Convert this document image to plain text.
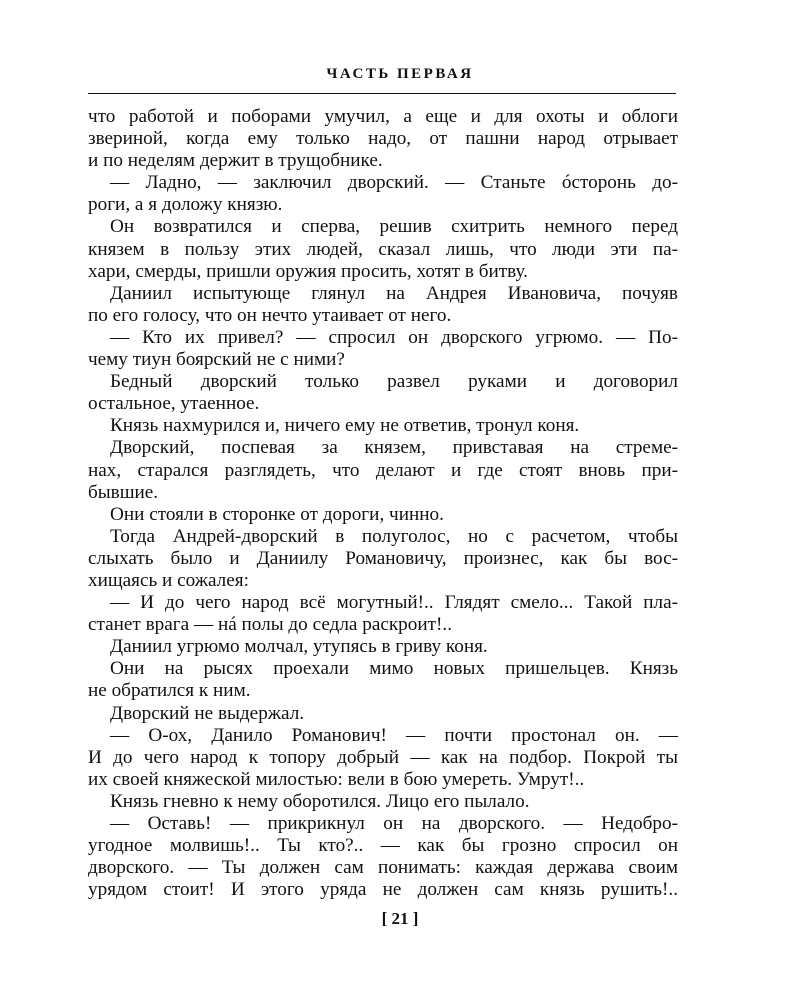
ЧАСТЬ ПЕРВАЯ
что работой и поборами умучил, а еще и для охоты и облоги
звериной, когда ему только надо, от пашни народ отрывает
и по неделям держит в трущобнике.
— Ладно, — заключил дворский. — Станьте óсторонь до-
роги, а я доложу князю.
Он возвратился и сперва, решив схитрить немного перед
князем в пользу этих людей, сказал лишь, что люди эти па-
хари, смерды, пришли оружия просить, хотят в битву.
Даниил испытующе глянул на Андрея Ивановича, почуяв
по его голосу, что он нечто утаивает от него.
— Кто их привел? — спросил он дворского угрюмо. — По-
чему тиун боярский не с ними?
Бедный дворский только развел руками и договорил
остальное, утаенное.
Князь нахмурился и, ничего ему не ответив, тронул коня.
Дворский, поспевая за князем, привставая на стреме-
нах, старался разглядеть, что делают и где стоят вновь при-
бывшие.
Они стояли в сторонке от дороги, чинно.
Тогда Андрей-дворский в полуголос, но с расчетом, чтобы
слыхать было и Даниилу Романовичу, произнес, как бы вос-
хищаясь и сожалея:
— И до чего народ всё могутный!.. Глядят смело... Такой пла-
станет врага — нá полы до седла раскроит!..
Даниил угрюмо молчал, утупясь в гриву коня.
Они на рысях проехали мимо новых пришельцев. Князь
не обратился к ним.
Дворский не выдержал.
— О-ох, Данило Романович! — почти простонал он. —
И до чего народ к топору добрый — как на подбор. Покрой ты
их своей княжеской милостью: вели в бою умереть. Умрут!..
Князь гневно к нему оборотился. Лицо его пылало.
— Оставь! — прикрикнул он на дворского. — Недобро-
угодное молвишь!.. Ты кто?.. — как бы грозно спросил он
дворского. — Ты должен сам понимать: каждая держава своим
урядом стоит! И этого уряда не должен сам князь рушить!..
[ 21 ]
